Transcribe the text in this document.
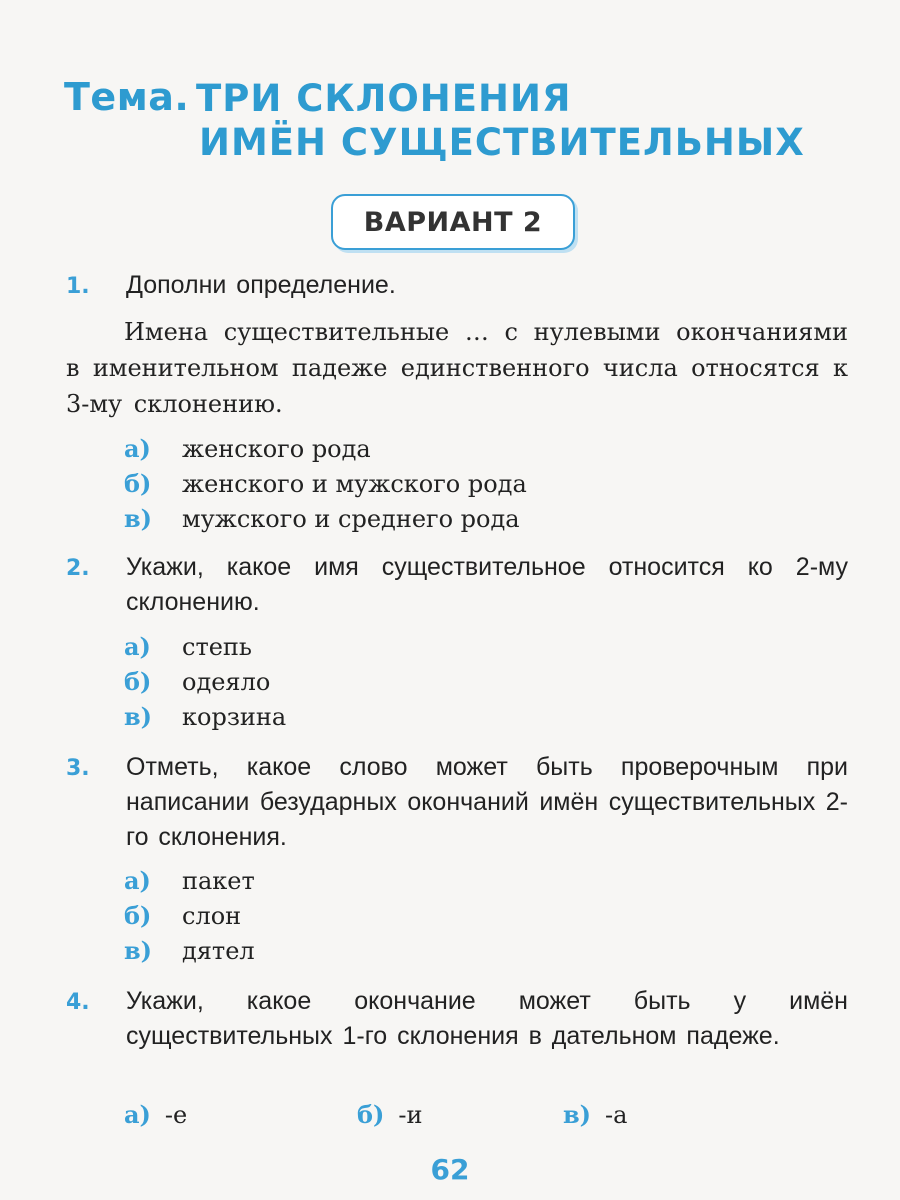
Тема. ТРИ СКЛОНЕНИЯ
ИМЁН СУЩЕСТВИТЕЛЬНЫХ
ВАРИАНТ 2
1. Дополни определение.
Имена существительные … с нулевыми окончаниями в именительном падеже единственного числа относятся к 3-му склонению.
а) женского рода
б) женского и мужского рода
в) мужского и среднего рода
2. Укажи, какое имя существительное относится ко 2-му склонению.
а) степь
б) одеяло
в) корзина
3. Отметь, какое слово может быть проверочным при написании безударных окончаний имён существительных 2-го склонения.
а) пакет
б) слон
в) дятел
4. Укажи, какое окончание может быть у имён существительных 1-го склонения в дательном падеже.
а) -е	б) -и	в) -а
62
